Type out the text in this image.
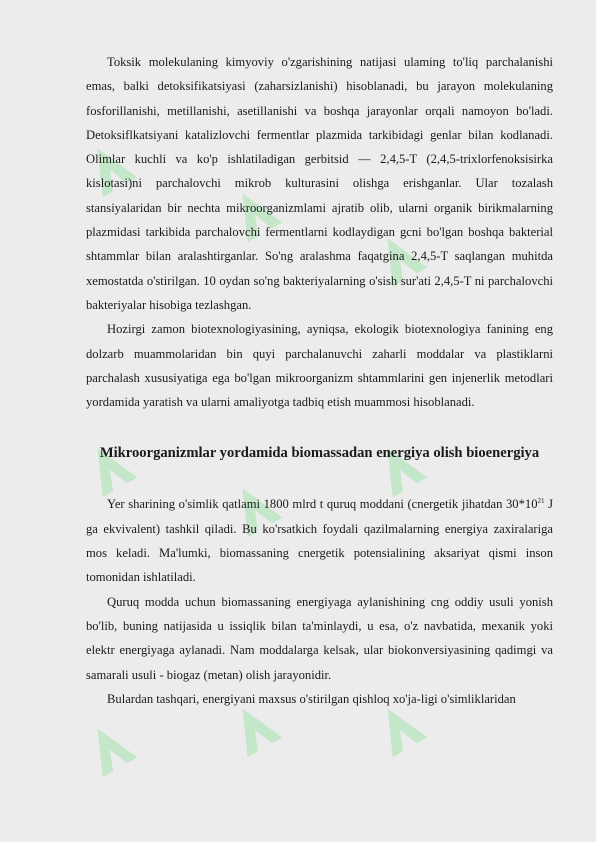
Toksik molekulaning kimyoviy o'zgarishining natijasi ulaming to'liq parchalanishi emas, balki detoksifikatsiyasi (zaharsizlanishi) hisoblanadi, bu jarayon molekulaning fosforillanishi, metillanishi, asetillanishi va boshqa jarayonlar orqali namoyon bo'ladi. Detoksiflkatsiyani katalizlovchi fermentlar plazmida tarkibidagi genlar bilan kodlanadi. Olimlar kuchli va ko'p ishlatiladigan gerbitsid — 2,4,5-T (2,4,5-trixlorfenoksisirka kislotasi)ni parchalovchi mikrob kulturasini olishga erishganlar. Ular tozalash stansiyalaridan bir nechta mikroorganizmlami ajratib olib, ularni organik birikmalarning plazmidasi tarkibida parchalovchi fermentlarni kodlaydigan gcni bo'lgan boshqa bakterial shtammlar bilan aralashtirganlar. So'ng aralashma faqatgina 2,4,5-T saqlangan muhitda xemostatda o'stirilgan. 10 oydan so'ng bakteriyalarning o'sish sur'ati 2,4,5-T ni parchalovchi bakteriyalar hisobiga tezlashgan.

Hozirgi zamon biotexnologiyasining, ayniqsa, ekologik biotexnologiya fanining eng dolzarb muammolaridan bin quyi parchalanuvchi zaharli moddalar va plastiklarni parchalash xususiyatiga ega bo'lgan mikroorganizm shtammlarini gen injenerlik metodlari yordamida yaratish va ularni amaliyotga tadbiq etish muammosi hisoblanadi.

Mikroorganizmlar yordamida biomassadan energiya olish bioenergiya

Yer sharining o'simlik qatlami 1800 mlrd t quruq moddani (cnergetik jihatdan $30*10^{21}$ J ga ekvivalent) tashkil qiladi. Bu ko'rsatkich foydali qazilmalarning energiya zaxiralariga mos keladi. Ma'lumki, biomassaning cnergetik potensialining aksariyat qismi inson tomonidan ishlatiladi.

Quruq modda uchun biomassaning energiyaga aylanishining cng oddiy usuli yonish bo'lib, buning natijasida u issiqlik bilan ta'minlaydi, u esa, o'z navbatida, mexanik yoki elektr energiyaga aylanadi. Nam moddalarga kelsak, ular biokonversiyasining qadimgi va samarali usuli - biogaz (metan) olish jarayonidir.

Bulardan tashqari, energiyani maxsus o'stirilgan qishloq xo'ja-ligi o'simliklaridan
